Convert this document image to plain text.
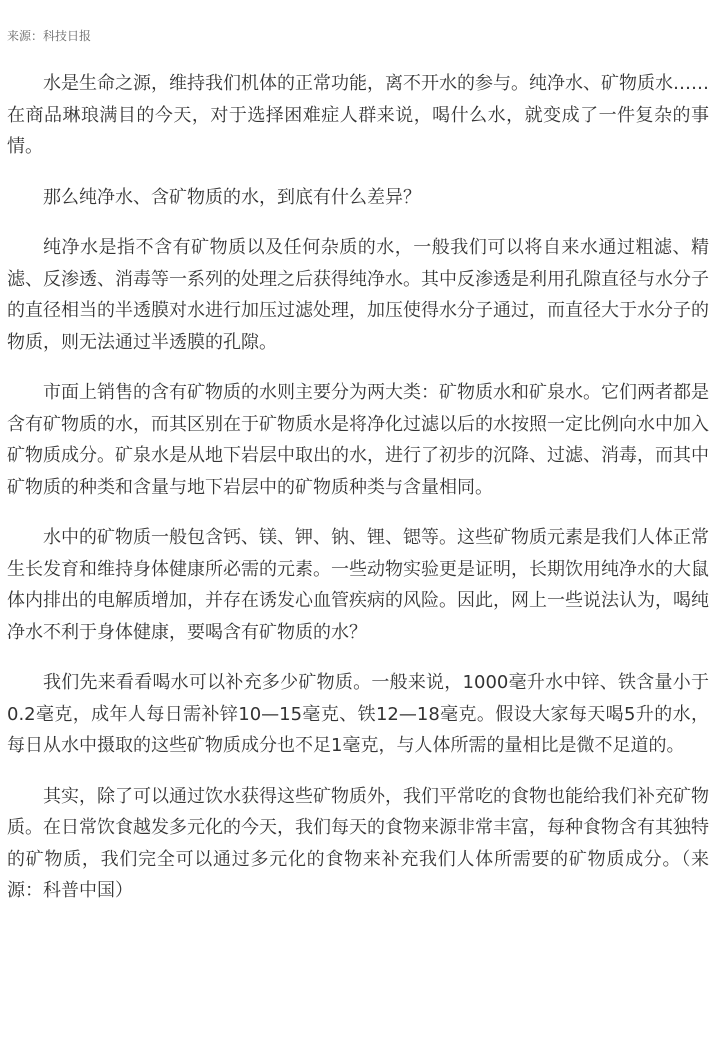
来源：科技日报

水是生命之源，维持我们机体的正常功能，离不开水的参与。纯净水、矿物质水……在商品琳琅满目的今天，对于选择困难症人群来说，喝什么水，就变成了一件复杂的事情。

那么纯净水、含矿物质的水，到底有什么差异？

纯净水是指不含有矿物质以及任何杂质的水，一般我们可以将自来水通过粗滤、精滤、反渗透、消毒等一系列的处理之后获得纯净水。其中反渗透是利用孔隙直径与水分子的直径相当的半透膜对水进行加压过滤处理，加压使得水分子通过，而直径大于水分子的物质，则无法通过半透膜的孔隙。

市面上销售的含有矿物质的水则主要分为两大类：矿物质水和矿泉水。它们两者都是含有矿物质的水，而其区别在于矿物质水是将净化过滤以后的水按照一定比例向水中加入矿物质成分。矿泉水是从地下岩层中取出的水，进行了初步的沉降、过滤、消毒，而其中矿物质的种类和含量与地下岩层中的矿物质种类与含量相同。

水中的矿物质一般包含钙、镁、钾、钠、锂、锶等。这些矿物质元素是我们人体正常生长发育和维持身体健康所必需的元素。一些动物实验更是证明，长期饮用纯净水的大鼠体内排出的电解质增加，并存在诱发心血管疾病的风险。因此，网上一些说法认为，喝纯净水不利于身体健康，要喝含有矿物质的水？

我们先来看看喝水可以补充多少矿物质。一般来说，1000毫升水中锌、铁含量小于0.2毫克，成年人每日需补锌10—15毫克、铁12—18毫克。假设大家每天喝5升的水，每日从水中摄取的这些矿物质成分也不足1毫克，与人体所需的量相比是微不足道的。

其实，除了可以通过饮水获得这些矿物质外，我们平常吃的食物也能给我们补充矿物质。在日常饮食越发多元化的今天，我们每天的食物来源非常丰富，每种食物含有其独特的矿物质，我们完全可以通过多元化的食物来补充我们人体所需要的矿物质成分。（来源：科普中国）
